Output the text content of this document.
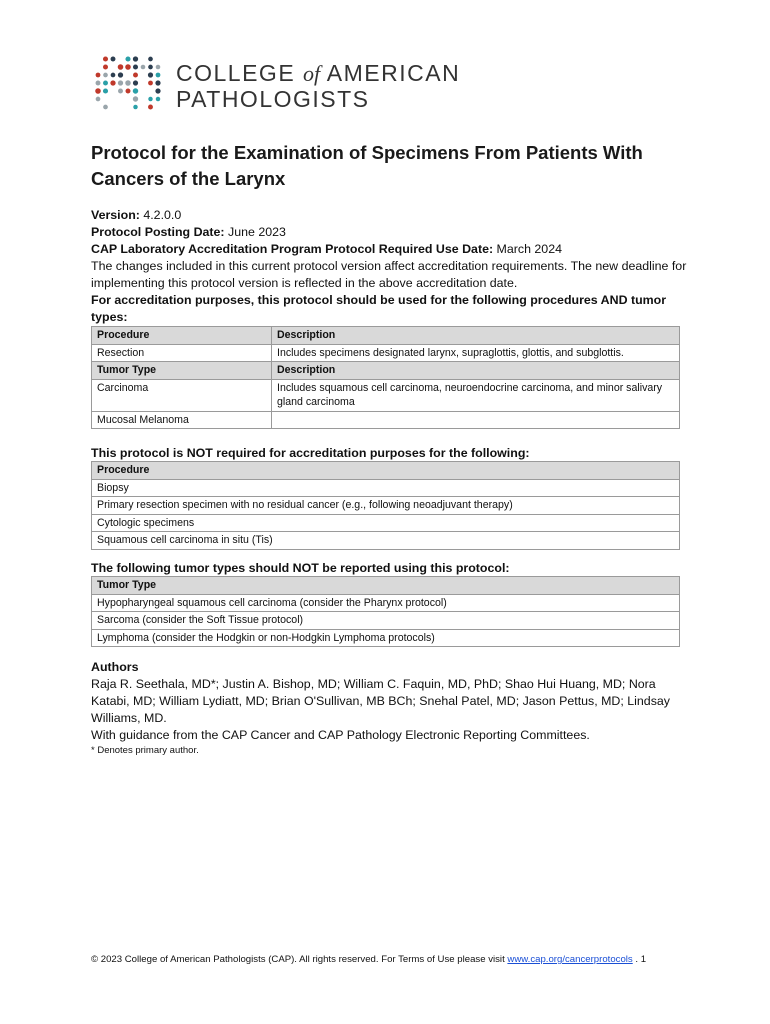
COLLEGE of AMERICAN
PATHOLOGISTS
Protocol for the Examination of Specimens From Patients With Cancers of the Larynx

Version: 4.2.0.0

Protocol Posting Date: June 2023

CAP Laboratory Accreditation Program Protocol Required Use Date: March 2024

The changes included in this current protocol version affect accreditation requirements. The new deadline for implementing this protocol version is reflected in the above accreditation date.

For accreditation purposes, this protocol should be used for the following procedures AND tumor types:

Procedure	Description
Resection	Includes specimens designated larynx, supraglottis, glottis, and subglottis.
Tumor Type	Description
Carcinoma	Includes squamous cell carcinoma, neuroendocrine carcinoma, and minor salivary gland carcinoma
Mucosal Melanoma	
This protocol is NOT required for accreditation purposes for the following:
Procedure
Biopsy
Primary resection specimen with no residual cancer (e.g., following neoadjuvant therapy)
Cytologic specimens
Squamous cell carcinoma in situ (Tis)
The following tumor types should NOT be reported using this protocol:
Tumor Type
Hypopharyngeal squamous cell carcinoma (consider the Pharynx protocol)
Sarcoma (consider the Soft Tissue protocol)
Lymphoma (consider the Hodgkin or non-Hodgkin Lymphoma protocols)
Authors

Raja R. Seethala, MD*; Justin A. Bishop, MD; William C. Faquin, MD, PhD; Shao Hui Huang, MD; Nora Katabi, MD; William Lydiatt, MD; Brian O'Sullivan, MB BCh; Snehal Patel, MD; Jason Pettus, MD; Lindsay Williams, MD.

With guidance from the CAP Cancer and CAP Pathology Electronic Reporting Committees.

* Denotes primary author.

© 2023 College of American Pathologists (CAP). All rights reserved. For Terms of Use please visit www.cap.org/cancerprotocols . 1
